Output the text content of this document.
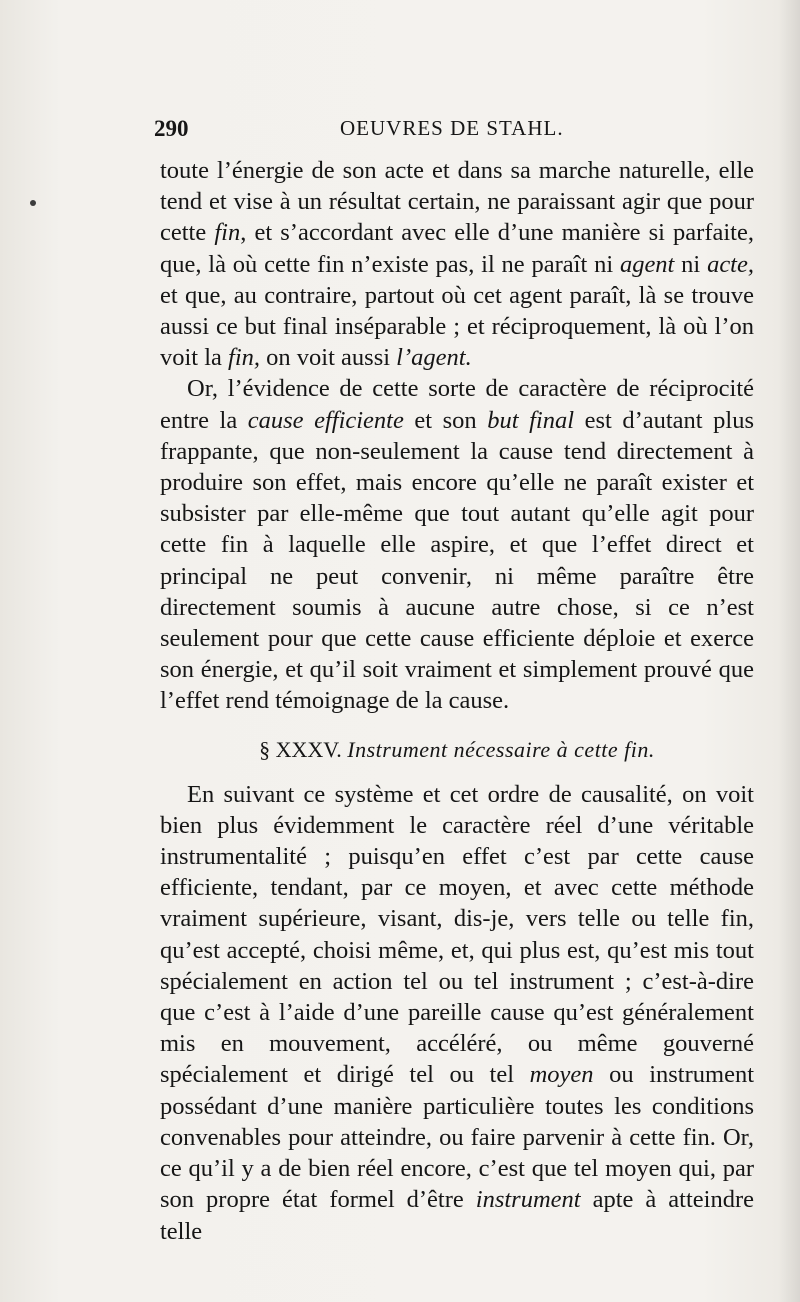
290	OEUVRES DE STAHL.

toute l’énergie de son acte et dans sa marche naturelle, elle tend et vise à un résultat certain, ne paraissant agir que pour cette fin, et s’accordant avec elle d’une manière si parfaite, que, là où cette fin n’existe pas, il ne paraît ni agent ni acte, et que, au contraire, partout où cet agent paraît, là se trouve aussi ce but final inséparable ; et réciproquement, là où l’on voit la fin, on voit aussi l’agent.

Or, l’évidence de cette sorte de caractère de réciprocité entre la cause efficiente et son but final est d’autant plus frappante, que non-seulement la cause tend directement à produire son effet, mais encore qu’elle ne paraît exister et subsister par elle-même que tout autant qu’elle agit pour cette fin à laquelle elle aspire, et que l’effet direct et principal ne peut convenir, ni même paraître être directement soumis à aucune autre chose, si ce n’est seulement pour que cette cause efficiente déploie et exerce son énergie, et qu’il soit vraiment et simplement prouvé que l’effet rend témoignage de la cause.

§ XXXV. Instrument nécessaire à cette fin.

En suivant ce système et cet ordre de causalité, on voit bien plus évidemment le caractère réel d’une véritable instrumentalité ; puisqu’en effet c’est par cette cause efficiente, tendant, par ce moyen, et avec cette méthode vraiment supérieure, visant, dis-je, vers telle ou telle fin, qu’est accepté, choisi même, et, qui plus est, qu’est mis tout spécialement en action tel ou tel instrument ; c’est-à-dire que c’est à l’aide d’une pareille cause qu’est généralement mis en mouvement, accéléré, ou même gouverné spécialement et dirigé tel ou tel moyen ou instrument possédant d’une manière particulière toutes les conditions convenables pour atteindre, ou faire parvenir à cette fin. Or, ce qu’il y a de bien réel encore, c’est que tel moyen qui, par son propre état formel d’être instrument apte à atteindre telle
